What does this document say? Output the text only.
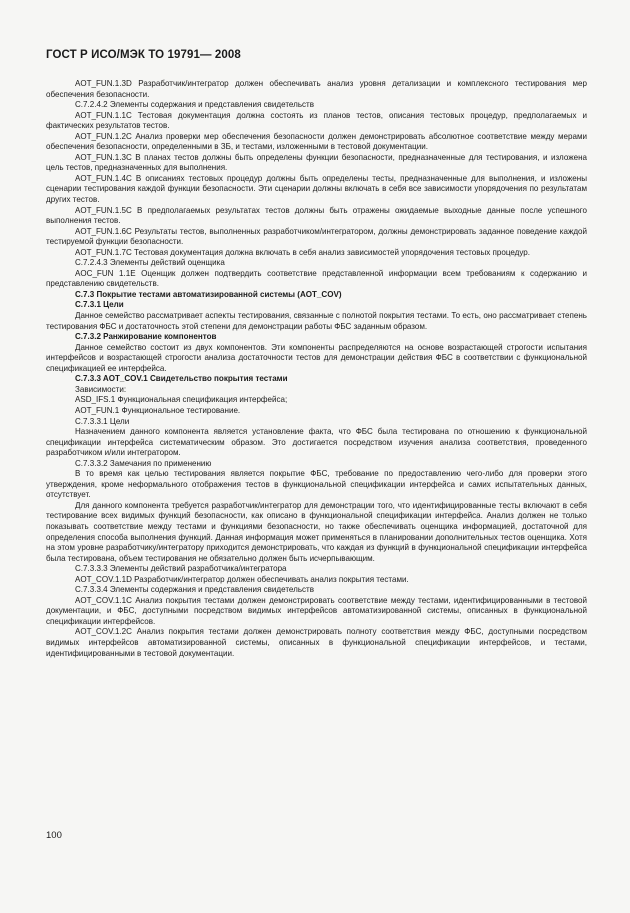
ГОСТ Р ИСО/МЭК ТО 19791— 2008

AOT_FUN.1.3D Разработчик/интегратор должен обеспечивать анализ уровня детализации и комплексного тестирования мер обеспечения безопасности.

C.7.2.4.2 Элементы содержания и представления свидетельств

AOT_FUN.1.1C Тестовая документация должна состоять из планов тестов, описания тестовых процедур, предполагаемых и фактических результатов тестов.

AOT_FUN.1.2C Анализ проверки мер обеспечения безопасности должен демонстрировать абсолютное соответствие между мерами обеспечения безопасности, определенными в ЗБ, и тестами, изложенными в тестовой документации.

AOT_FUN.1.3C В планах тестов должны быть определены функции безопасности, предназначенные для тестирования, и изложена цель тестов, предназначенных для выполнения.

AOT_FUN.1.4C В описаниях тестовых процедур должны быть определены тесты, предназначенные для выполнения, и изложены сценарии тестирования каждой функции безопасности. Эти сценарии должны включать в себя все зависимости упорядочения по результатам других тестов.

AOT_FUN.1.5C В предполагаемых результатах тестов должны быть отражены ожидаемые выходные данные после успешного выполнения тестов.

AOT_FUN.1.6C Результаты тестов, выполненных разработчиком/интегратором, должны демонстрировать заданное поведение каждой тестируемой функции безопасности.

AOT_FUN.1.7C Тестовая документация должна включать в себя анализ зависимостей упорядочения тестовых процедур.

C.7.2.4.3 Элементы действий оценщика

AOC_FUN 1.1E Оценщик должен подтвердить соответствие представленной информации всем требованиям к содержанию и представлению свидетельств.

C.7.3 Покрытие тестами автоматизированной системы (AOT_COV)

C.7.3.1 Цели

Данное семейство рассматривает аспекты тестирования, связанные с полнотой покрытия тестами. То есть, оно рассматривает степень тестирования ФБС и достаточность этой степени для демонстрации работы ФБС заданным образом.

C.7.3.2 Ранжирование компонентов

Данное семейство состоит из двух компонентов. Эти компоненты распределяются на основе возрастающей строгости испытания интерфейсов и возрастающей строгости анализа достаточности тестов для демонстрации действия ФБС в соответствии с функциональной спецификацией ее интерфейса.

C.7.3.3 AOT_COV.1 Свидетельство покрытия тестами

Зависимости:

ASD_IFS.1 Функциональная спецификация интерфейса;

AOT_FUN.1 Функциональное тестирование.

C.7.3.3.1 Цели

Назначением данного компонента является установление факта, что ФБС была тестирована по отношению к функциональной спецификации интерфейса систематическим образом. Это достигается посредством изучения анализа соответствия, проведенного разработчиком и/или интегратором.

C.7.3.3.2 Замечания по применению

В то время как целью тестирования является покрытие ФБС, требование по предоставлению чего-либо для проверки этого утверждения, кроме неформального отображения тестов в функциональной спецификации интерфейса и самих испытательных данных, отсутствует.

Для данного компонента требуется разработчик/интегратор для демонстрации того, что идентифицированные тесты включают в себя тестирование всех видимых функций безопасности, как описано в функциональной спецификации интерфейса. Анализ должен не только показывать соответствие между тестами и функциями безопасности, но также обеспечивать оценщика информацией, достаточной для определения способа выполнения функций. Данная информация может применяться в планировании дополнительных тестов оценщика. Хотя на этом уровне разработчику/интегратору приходится демонстрировать, что каждая из функций в функциональной спецификации интерфейса была тестирована, объем тестирования не обязательно должен быть исчерпывающим.

C.7.3.3.3 Элементы действий разработчика/интегратора

AOT_COV.1.1D Разработчик/интегратор должен обеспечивать анализ покрытия тестами.

C.7.3.3.4 Элементы содержания и представления свидетельств

AOT_COV.1.1C Анализ покрытия тестами должен демонстрировать соответствие между тестами, идентифицированными в тестовой документации, и ФБС, доступными посредством видимых интерфейсов автоматизированной системы, описанных в функциональной спецификации интерфейсов.

AOT_COV.1.2C Анализ покрытия тестами должен демонстрировать полноту соответствия между ФБС, доступными посредством видимых интерфейсов автоматизированной системы, описанных в функциональной спецификации интерфейсов, и тестами, идентифицированными в тестовой документации.

100
